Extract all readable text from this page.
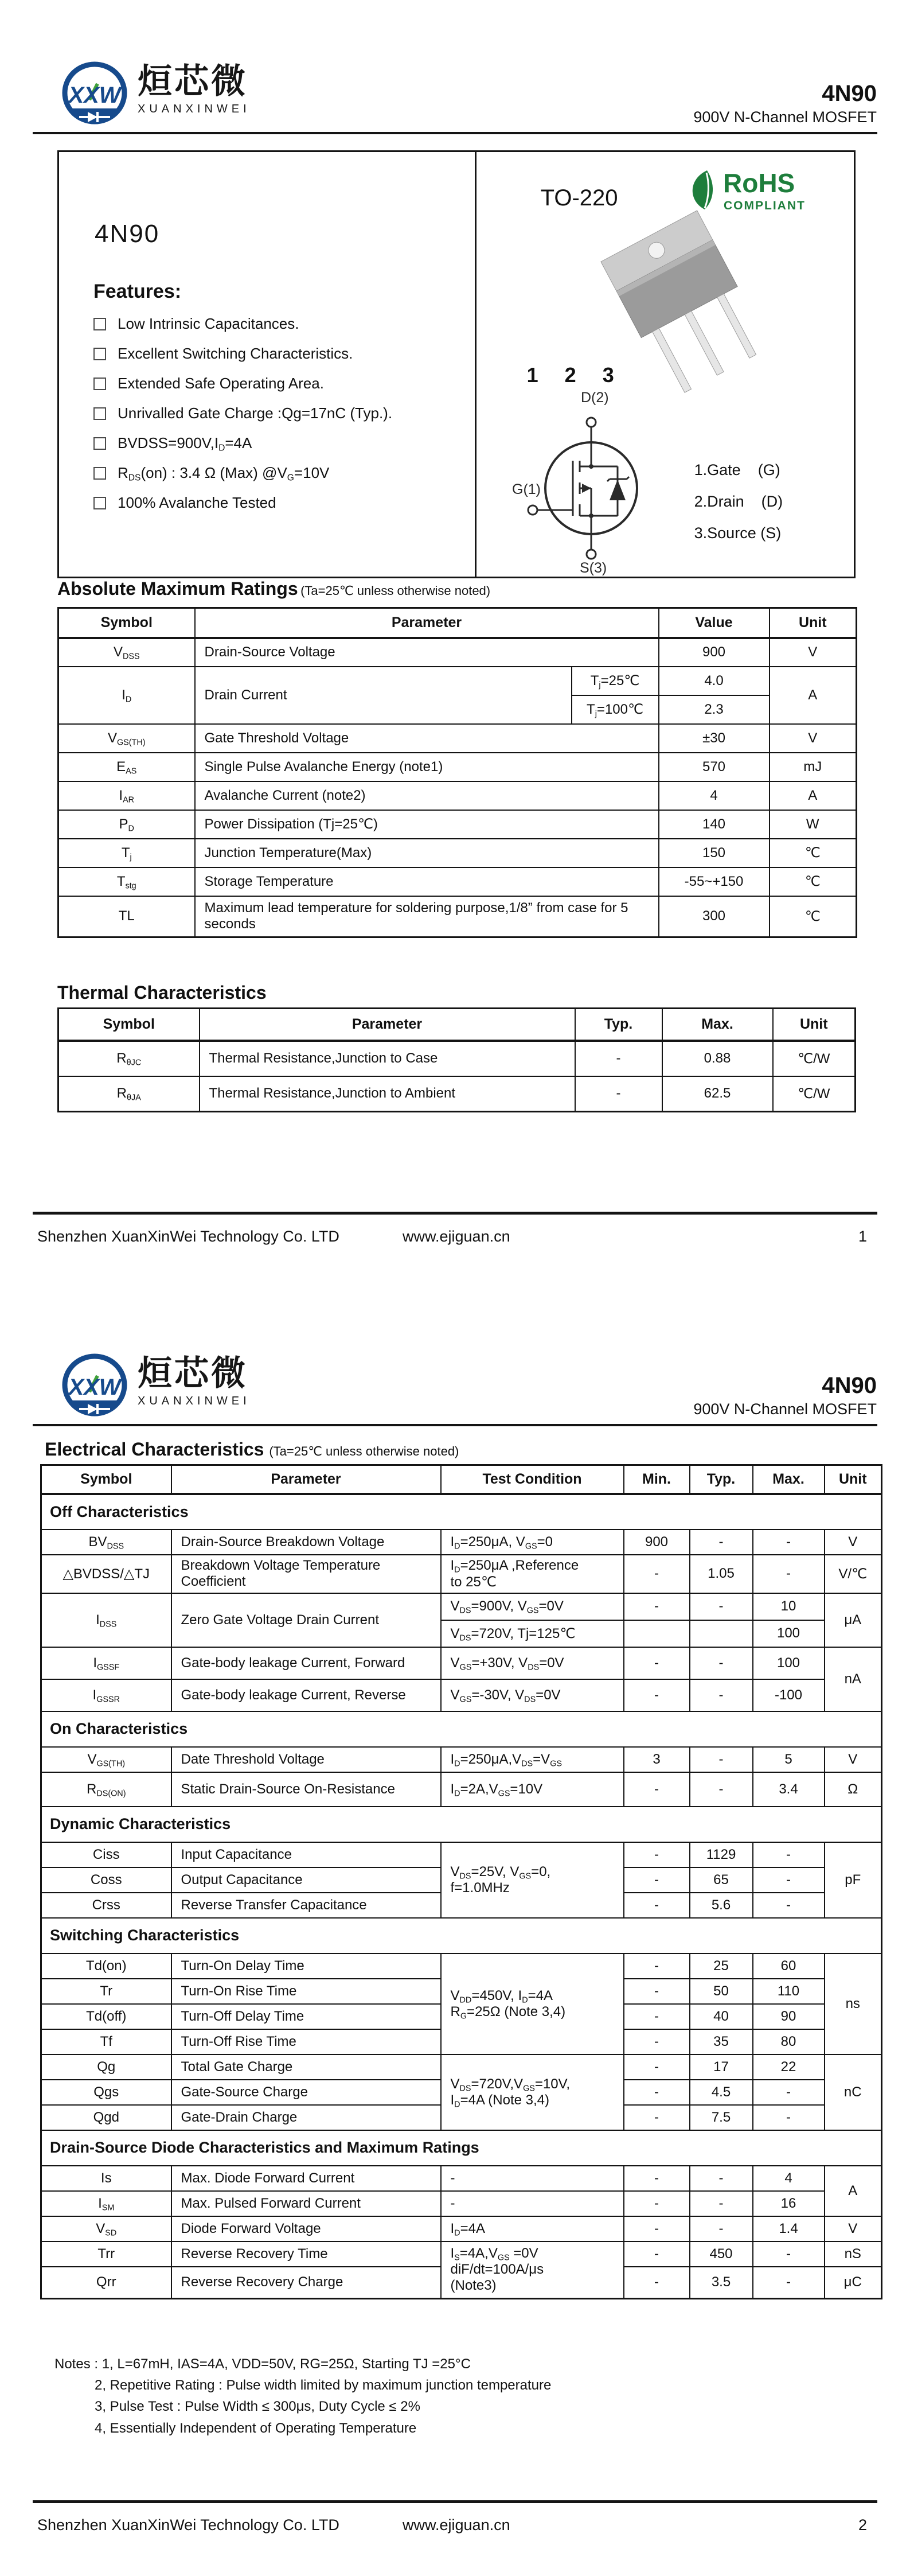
烜芯微
XUANXINWEI
4N90
900V N-Channel MOSFET
4N90
Features:
Low Intrinsic Capacitances.
Excellent Switching Characteristics.
Extended Safe Operating Area.
Unrivalled Gate Charge :Qg=17nC (Typ.).
$BVDSS=900V,I_D=4A$
$R_{DS}(on)$ : 3.4 Ω (Max) $@V_G=10V$
100% Avalanche Tested
TO-220	RoHS
COMPLIANT
1 2 3
D(2)
G(1)
S(3)
1.Gate    (G)
2.Drain    (D)
3.Source (S)
Absolute Maximum Ratings (Ta=25℃ unless otherwise noted)
Symbol	Parameter		Value	Unit
$V_{DSS}$	Drain-Source Voltage		900	V
$I_D$	Drain Current	$T_j=25℃$	4.0	A
		$T_j=100℃$	2.3	
$V_{GS(TH)}$	Gate Threshold Voltage		±30	V
$E_{AS}$	Single Pulse Avalanche Energy (note1)		570	mJ
$I_{AR}$	Avalanche Current (note2)		4	A
$P_D$	Power Dissipation (Tj=25℃)		140	W
$T_j$	Junction Temperature(Max)		150	℃
$T_{stg}$	Storage Temperature		-55~+150	℃
TL	Maximum lead temperature for soldering purpose,1/8” from case for 5 seconds		300	℃
Thermal Characteristics
Symbol	Parameter	Typ.	Max.	Unit
$R_{\theta JC}$	Thermal Resistance,Junction to Case	-	0.88	℃/W
$R_{\theta JA}$	Thermal Resistance,Junction to Ambient	-	62.5	℃/W
Shenzhen XuanXinWei Technology Co. LTD	www.ejiguan.cn	1
烜芯微
XUANXINWEI
4N90
900V N-Channel MOSFET
Electrical Characteristics (Ta=25℃ unless otherwise noted)
Symbol	Parameter	Test Condition	Min.	Typ.	Max.	Unit
Off Characteristics						
$BV_{DSS}$	Drain-Source Breakdown Voltage	$I_D=250\mu A$, $V_{GS}=0$	900	-	-	V
△BVDSS/△TJ	Breakdown Voltage Temperature Coefficient	$I_D=250\mu A$ ,Reference
to 25℃	-	1.05	-	V/℃
$I_{DSS}$	Zero Gate Voltage Drain Current	$V_{DS}=900V$, $V_{GS}=0V$	-	-	10	μA
		$V_{DS}=720V$, Tj=125℃			100	
$I_{GSSF}$	Gate-body leakage Current, Forward	$V_{GS}=+30V$, $V_{DS}=0V$	-	-	100	nA
$I_{GSSR}$	Gate-body leakage Current, Reverse	$V_{GS}=-30V$, $V_{DS}=0V$	-	-	-100	
On Characteristics						
$V_{GS(TH)}$	Date Threshold Voltage	$I_D=250\mu A,V_{DS}=V_{GS}$	3	-	5	V
$R_{DS(ON)}$	Static Drain-Source On-Resistance	$I_D=2A,V_{GS}=10V$	-	-	3.4	Ω
Dynamic Characteristics						
Ciss	Input Capacitance	$V_{DS}=25V$, $V_{GS}=0$,
f=1.0MHz	-	1129	-	pF
Coss	Output Capacitance		-	65	-	
Crss	Reverse Transfer Capacitance		-	5.6	-	
Switching Characteristics						
Td(on)	Turn-On Delay Time	$V_{DD}=450V$, $I_D=4A$
$R_G=25\Omega$ (Note 3,4)	-	25	60	ns
Tr	Turn-On Rise Time		-	50	110	
Td(off)	Turn-Off Delay Time		-	40	90	
Tf	Turn-Off Rise Time		-	35	80	
Qg	Total Gate Charge	$V_{DS}=720V,V_{GS}=10V$,
$I_D=4A$ (Note 3,4)	-	17	22	nC
Qgs	Gate-Source Charge		-	4.5	-	
Qgd	Gate-Drain Charge		-	7.5	-	
Drain-Source Diode Characteristics and Maximum Ratings						
Is	Max. Diode Forward Current	-	-	-	4	A
$I_{SM}$	Max. Pulsed Forward Current	-	-	-	16	
$V_{SD}$	Diode Forward Voltage	$I_D=4A$	-	-	1.4	V
Trr	Reverse Recovery Time	$I_S=4A,V_{GS} =0V$
diF/dt=100A/μs
(Note3)	-	450	-	nS
Qrr	Reverse Recovery Charge		-	3.5	-	μC
Notes : 1, L=67mH, IAS=4A, VDD=50V, RG=25Ω, Starting TJ =25°C
2, Repetitive Rating : Pulse width limited by maximum junction temperature
3, Pulse Test : Pulse Width ≤ 300μs, Duty Cycle ≤ 2%
4, Essentially Independent of Operating Temperature
Shenzhen XuanXinWei Technology Co. LTD	www.ejiguan.cn	2
